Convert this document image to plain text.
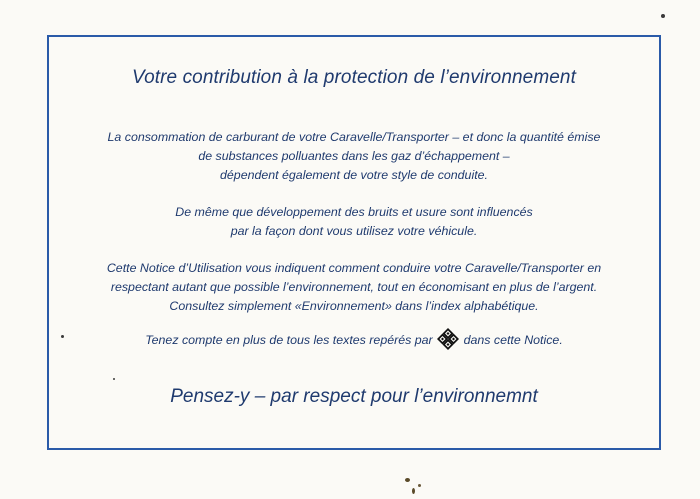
Votre contribution à la protection de l’environnement

La consommation de carburant de votre Caravelle/Transporter – et donc la quantité émise
de substances polluantes dans les gaz d’échappement –
dépendent également de votre style de conduite.

De même que développement des bruits et usure sont influencés
par la façon dont vous utilisez votre véhicule.

Cette Notice d’Utilisation vous indiquent comment conduire votre Caravelle/Transporter en
respectant autant que possible l’environnement, tout en économisant en plus de l’argent.
Consultez simplement «Environnement» dans l’index alphabétique.

Tenez compte en plus de tous les textes repérés par dans cette Notice.

Pensez-y – par respect pour l’environnemnt
